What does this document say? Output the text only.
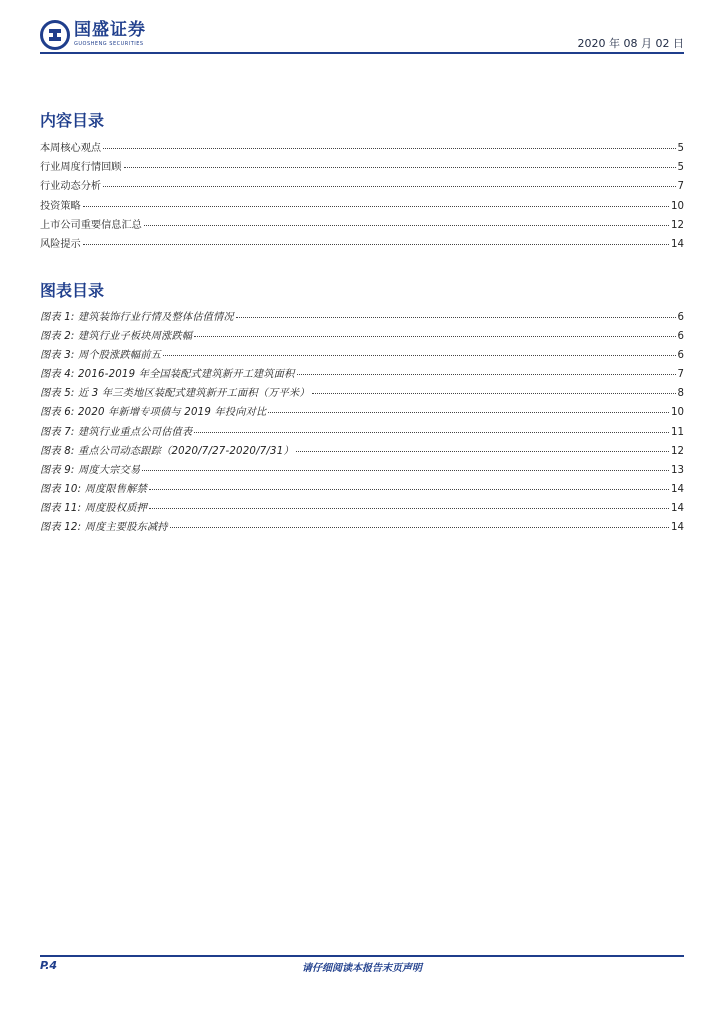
国盛证券
GUOSHENG SECURITIES	2020 年 08 月 02 日
内容目录
本周核心观点	5
行业周度行情回顾	5
行业动态分析	7
投资策略	10
上市公司重要信息汇总	12
风险提示	14
图表目录
图表 1: 建筑装饰行业行情及整体估值情况	6
图表 2: 建筑行业子板块周涨跌幅	6
图表 3: 周个股涨跌幅前五	6
图表 4: 2016-2019 年全国装配式建筑新开工建筑面积	7
图表 5: 近 3 年三类地区装配式建筑新开工面积（万平米）	8
图表 6: 2020 年新增专项债与 2019 年投向对比	10
图表 7: 建筑行业重点公司估值表	11
图表 8: 重点公司动态跟踪（2020/7/27-2020/7/31）	12
图表 9: 周度大宗交易	13
图表 10: 周度限售解禁	14
图表 11: 周度股权质押	14
图表 12: 周度主要股东减持	14
P.4	请仔细阅读本报告末页声明
